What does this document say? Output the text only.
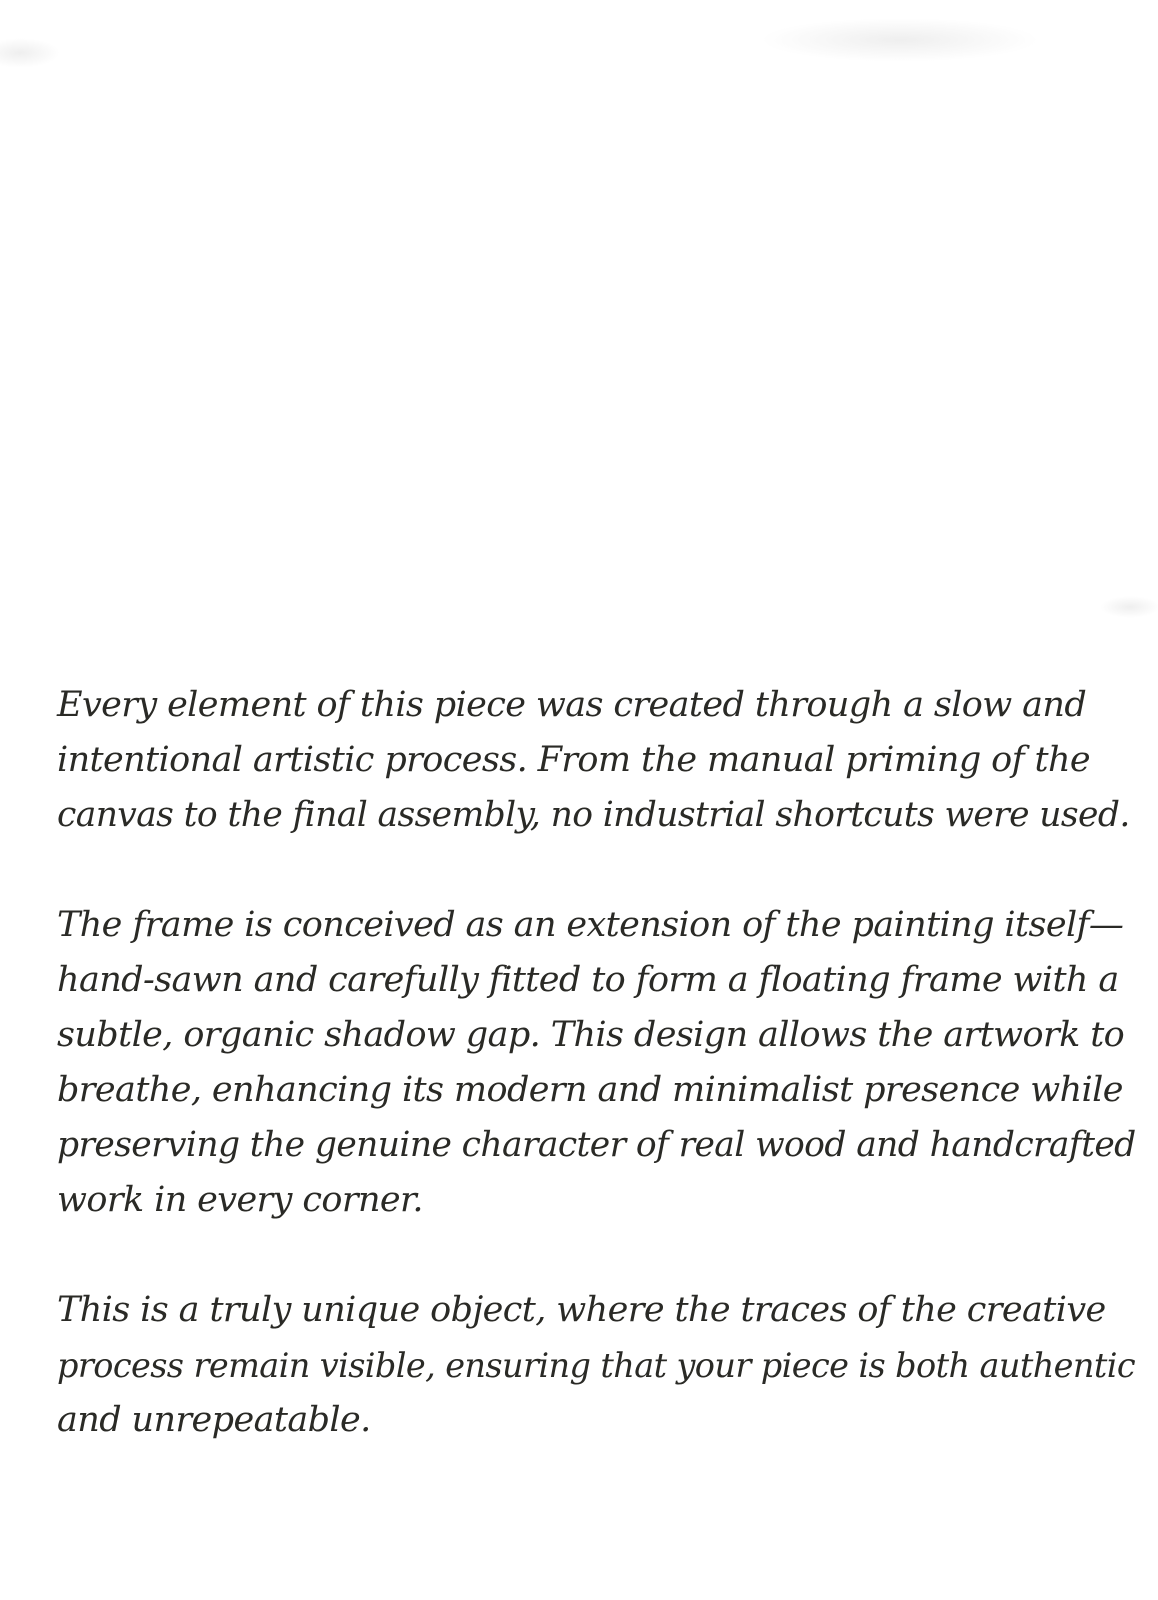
Every element of this piece was created through a slow and
intentional artistic process. From the manual priming of the
canvas to the final assembly, no industrial shortcuts were used.

The frame is conceived as an extension of the painting itself—
hand-sawn and carefully fitted to form a floating frame with a
subtle, organic shadow gap. This design allows the artwork to
breathe, enhancing its modern and minimalist presence while
preserving the genuine character of real wood and handcrafted
work in every corner.

This is a truly unique object, where the traces of the creative
process remain visible, ensuring that your piece is both authentic
and unrepeatable.
